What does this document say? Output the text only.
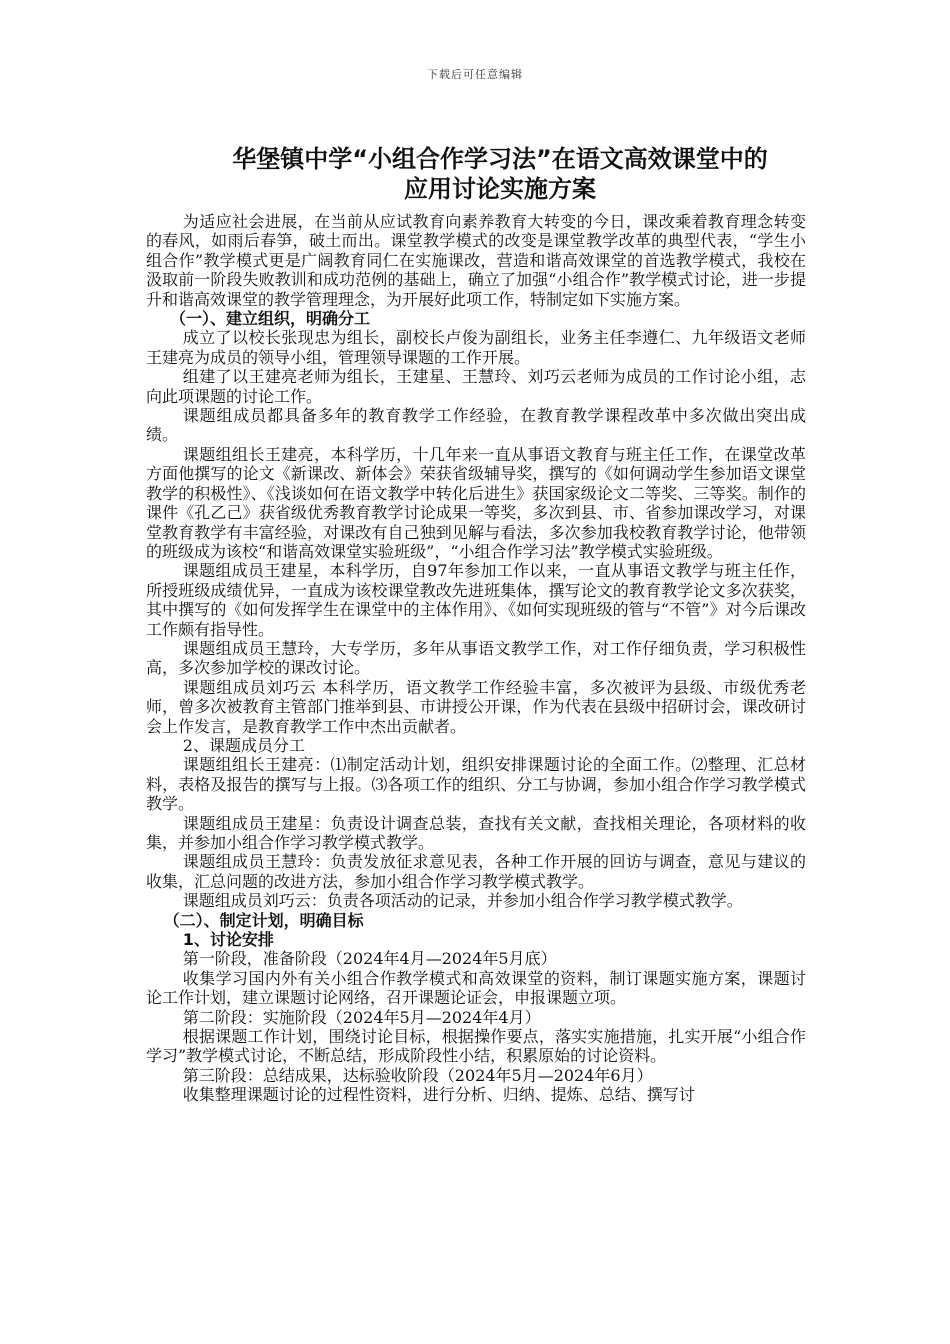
下载后可任意编辑
华堡镇中学“小组合作学习法”在语文高效课堂中的
应用讨论实施方案

为适应社会进展，在当前从应试教育向素养教育大转变的今日，课改乘着教育理念转变的春风，如雨后春笋，破土而出。课堂教学模式的改变是课堂教学改革的典型代表，“学生小组合作”教学模式更是广阔教育同仁在实施课改，营造和谐高效课堂的首选教学模式，我校在汲取前一阶段失败教训和成功范例的基础上，确立了加强“小组合作”教学模式讨论，进一步提升和谐高效课堂的教学管理理念，为开展好此项工作，特制定如下实施方案。

（一）、建立组织，明确分工

成立了以校长张现忠为组长，副校长卢俊为副组长，业务主任李遵仁、九年级语文老师王建亮为成员的领导小组，管理领导课题的工作开展。

组建了以王建亮老师为组长，王建星、王慧玲、刘巧云老师为成员的工作讨论小组，志向此项课题的讨论工作。

课题组成员都具备多年的教育教学工作经验，在教育教学课程改革中多次做出突出成绩。

课题组组长王建亮，本科学历，十几年来一直从事语文教育与班主任工作，在课堂改革方面他撰写的论文《新课改、新体会》荣获省级辅导奖，撰写的《如何调动学生参加语文课堂教学的积极性》、《浅谈如何在语文教学中转化后进生》获国家级论文二等奖、三等奖。制作的课件《孔乙己》获省级优秀教育教学讨论成果一等奖，多次到县、市、省参加课改学习，对课堂教育教学有丰富经验，对课改有自己独到见解与看法，多次参加我校教育教学讨论，他带领的班级成为该校“和谐高效课堂实验班级”，“小组合作学习法”教学模式实验班级。

课题组成员王建星，本科学历，自97年参加工作以来，一直从事语文教学与班主任作，所授班级成绩优异，一直成为该校课堂教改先进班集体，撰写论文的教育教学论文多次获奖，其中撰写的《如何发挥学生在课堂中的主体作用》、《如何实现班级的管与“不管”》对今后课改工作颇有指导性。

课题组成员王慧玲，大专学历，多年从事语文教学工作，对工作仔细负责，学习积极性高，多次参加学校的课改讨论。

课题组成员刘巧云 本科学历，语文教学工作经验丰富，多次被评为县级、市级优秀老师，曾多次被教育主管部门推举到县、市讲授公开课，作为代表在县级中招研讨会，课改研讨会上作发言，是教育教学工作中杰出贡献者。

2、课题成员分工

课题组组长王建亮：⑴制定活动计划，组织安排课题讨论的全面工作。⑵整理、汇总材料，表格及报告的撰写与上报。⑶各项工作的组织、分工与协调，参加小组合作学习教学模式教学。

课题组成员王建星：负责设计调查总装，查找有关文献，查找相关理论，各项材料的收集，并参加小组合作学习教学模式教学。

课题组成员王慧玲：负责发放征求意见表，各种工作开展的回访与调查，意见与建议的收集，汇总问题的改进方法，参加小组合作学习教学模式教学。

课题组成员刘巧云：负责各项活动的记录，并参加小组合作学习教学模式教学。

（二）、制定计划，明确目标

1、讨论安排

第一阶段，准备阶段（2024年4月—2024年5月底）

收集学习国内外有关小组合作教学模式和高效课堂的资料，制订课题实施方案，课题讨论工作计划，建立课题讨论网络，召开课题论证会，申报课题立项。

第二阶段：实施阶段（2024年5月—2024年4月）

根据课题工作计划，围绕讨论目标，根据操作要点，落实实施措施，扎实开展“小组合作学习”教学模式讨论，不断总结，形成阶段性小结，积累原始的讨论资料。

第三阶段：总结成果，达标验收阶段（2024年5月—2024年6月）

收集整理课题讨论的过程性资料，进行分析、归纳、提炼、总结、撰写讨
